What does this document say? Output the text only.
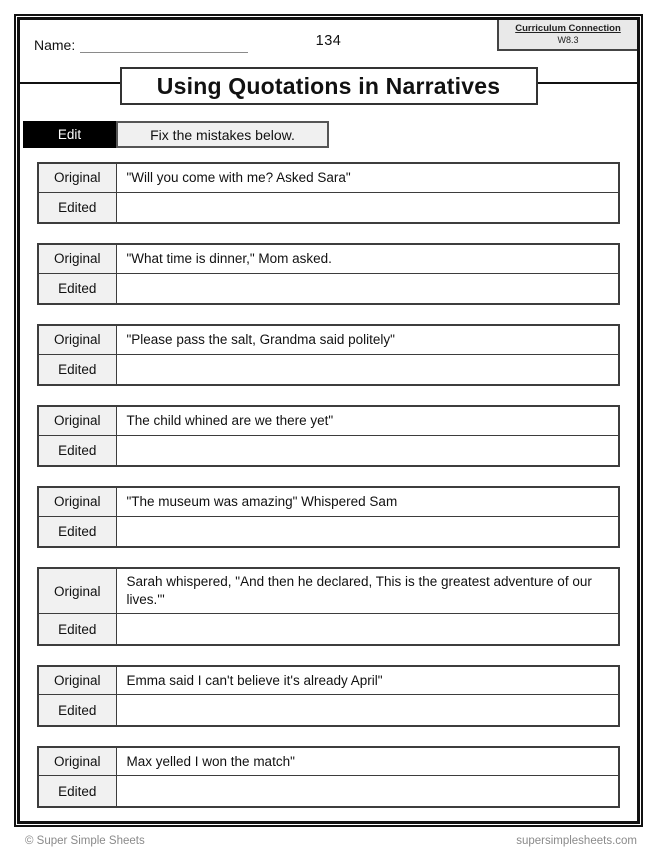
Name:	134
Curriculum Connection
W8.3
Using Quotations in Narratives
Edit	Fix the mistakes below.
Original	"Will you come with me? Asked Sara"
Edited	
Original	"What time is dinner," Mom asked.
Edited	
Original	"Please pass the salt, Grandma said politely"
Edited	
Original	The child whined are we there yet"
Edited	
Original	"The museum was amazing" Whispered Sam
Edited	
Original	Sarah whispered, "And then he declared, This is the greatest adventure of our lives.'"
Edited	
Original	Emma said I can't believe it's already April"
Edited	
Original	Max yelled I won the match"
Edited	
© Super Simple Sheets	supersimplesheets.com
